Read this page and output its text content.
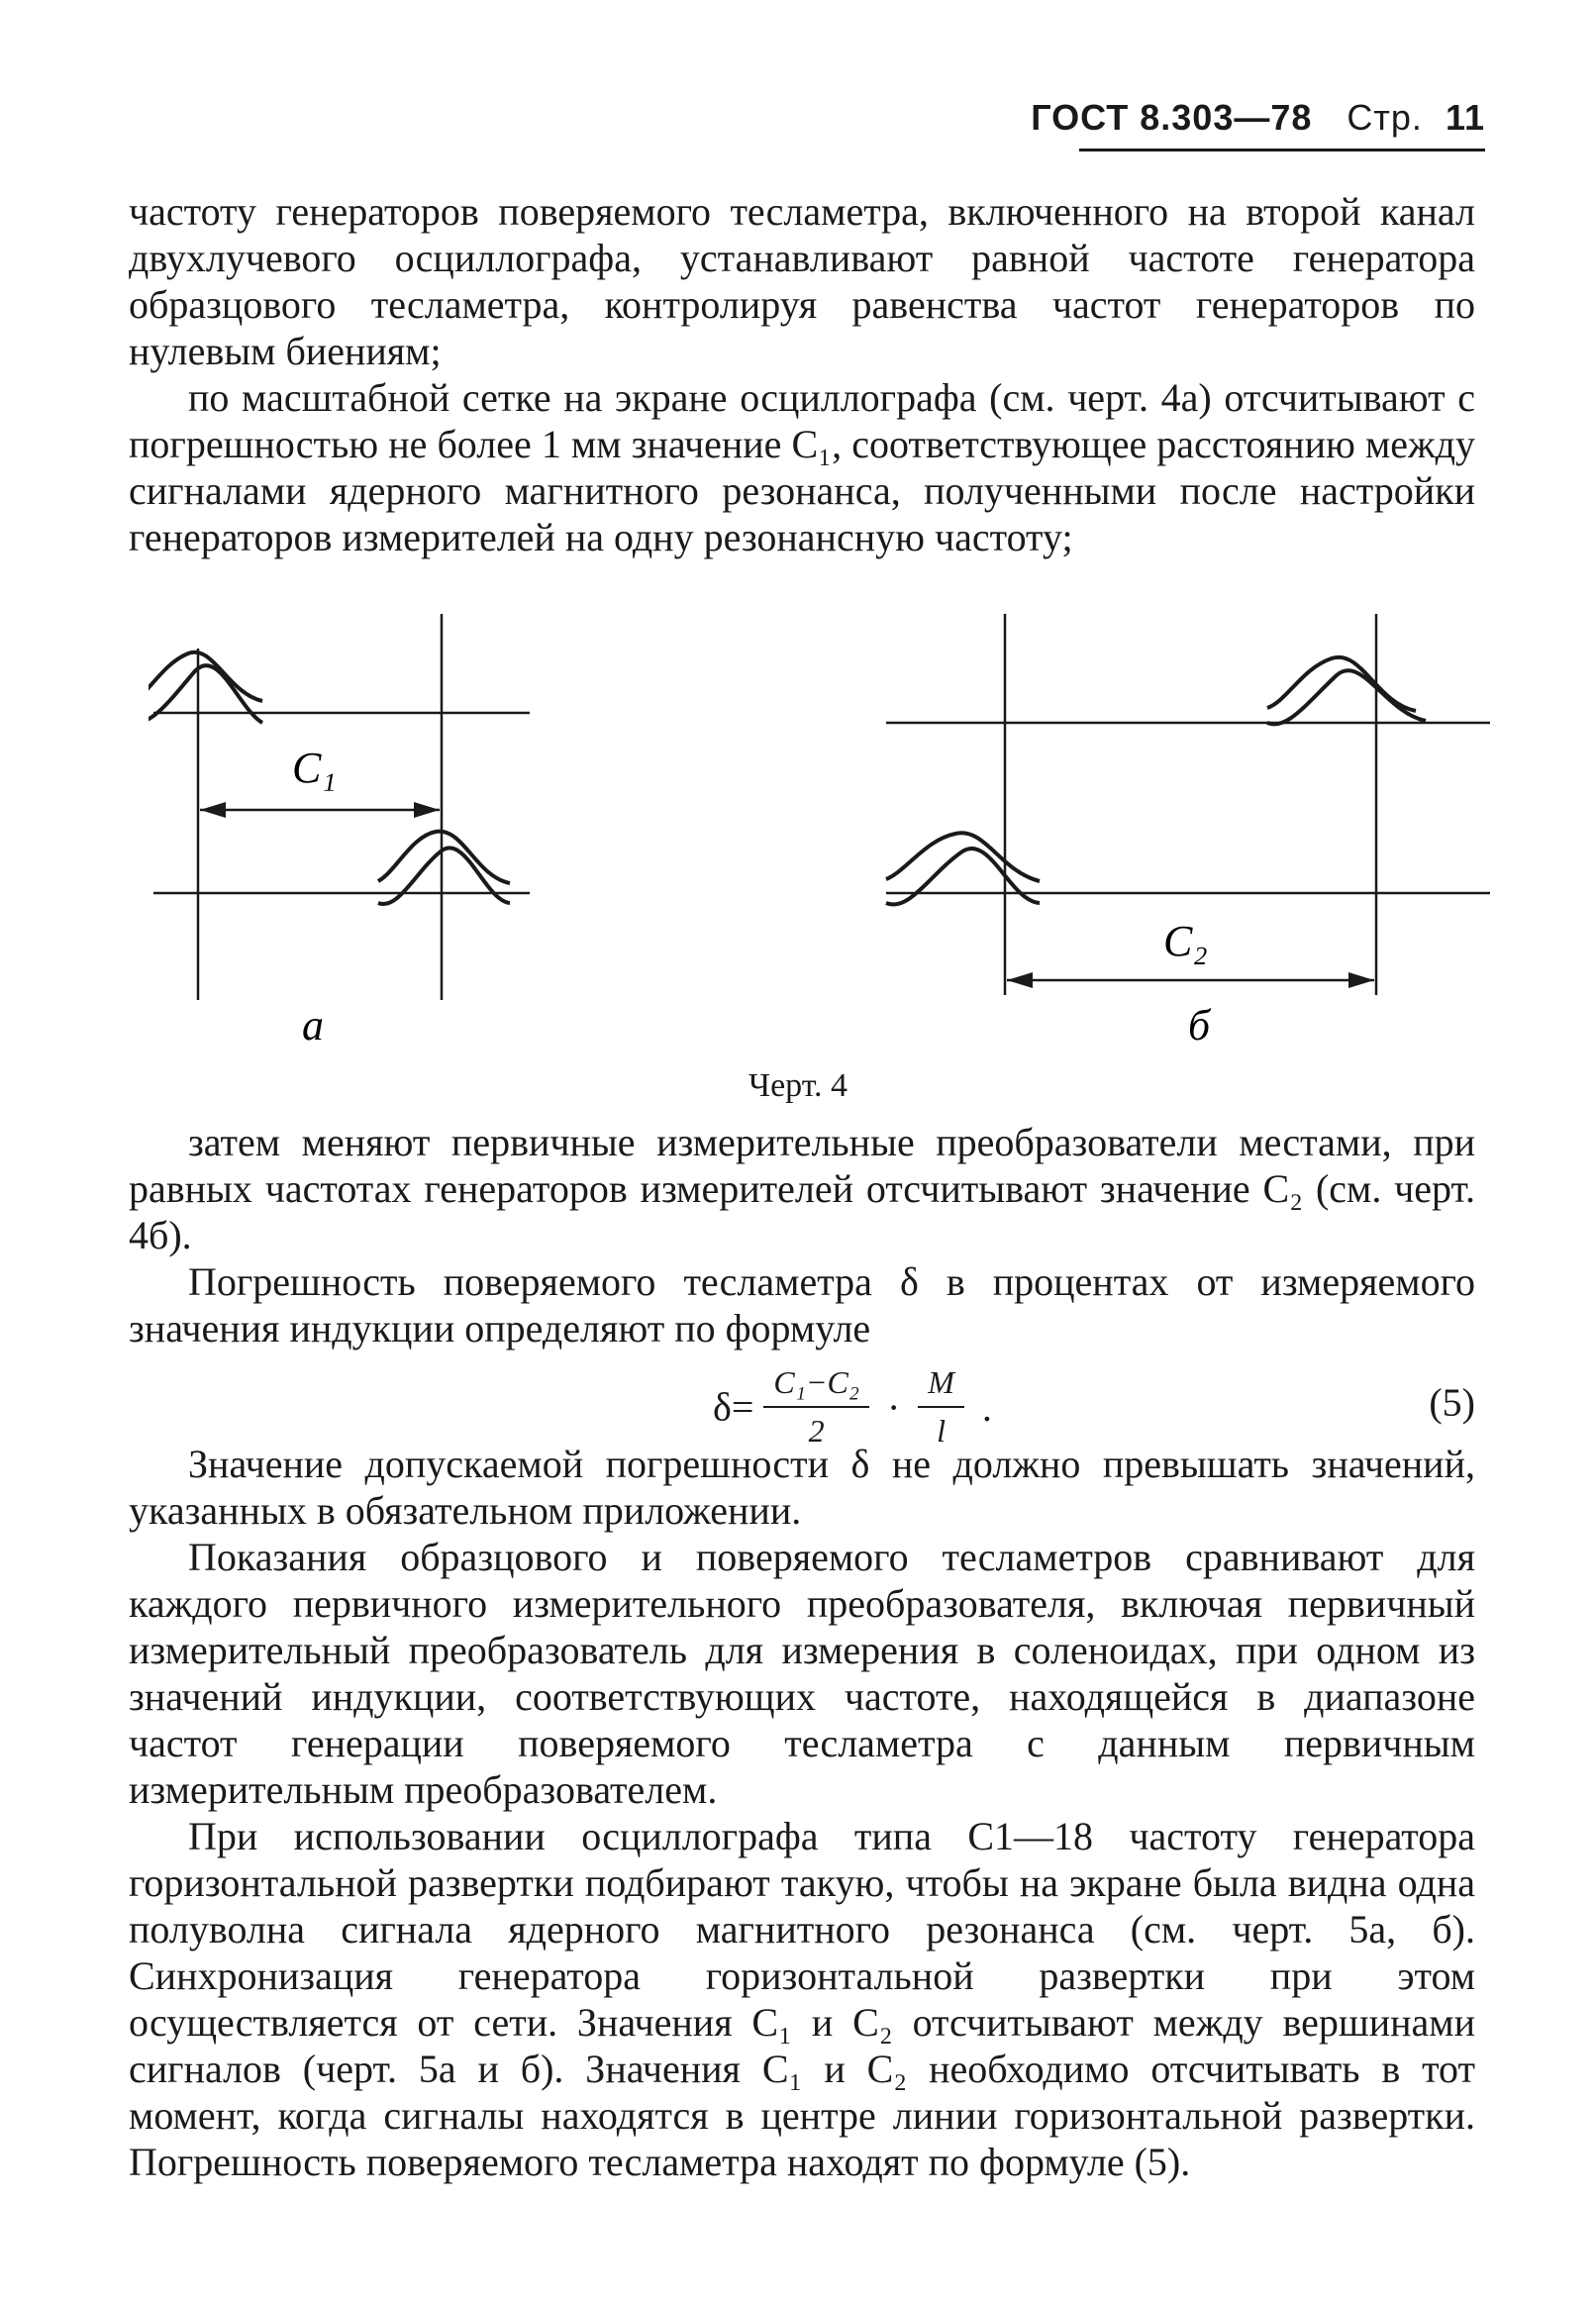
ГОСТ 8.303—78 Стр. 11

частоту генераторов поверяемого тесламетра, включенного на второй канал двухлучевого осциллографа, устанавливают равной частоте генератора образцового тесламетра, контролируя равенства частот генераторов по нулевым биениям;

по масштабной сетке на экране осциллографа (см. черт. 4а) отсчитывают с погрешностью не более 1 мм значение C₁, соответствующее расстоянию между сигналами ядерного магнитного резонанса, полученными после настройки генераторов измерителей на одну резонансную частоту;

C₁
а
C₂
б
Черт. 4

затем меняют первичные измерительные преобразователи местами, при равных частотах генераторов измерителей отсчитывают значение C₂ (см. черт. 4б).

Погрешность поверяемого тесламетра δ в процентах от измеряемого значения индукции определяют по формуле

$\delta= \frac{\text{C₁−C₂}}{2} \cdot \frac{M}{l}$ .	(5)

Значение допускаемой погрешности δ не должно превышать значений, указанных в обязательном приложении.

Показания образцового и поверяемого тесламетров сравнивают для каждого первичного измерительного преобразователя, включая первичный измерительный преобразователь для измерения в соленоидах, при одном из значений индукции, соответствующих частоте, находящейся в диапазоне частот генерации поверяемого тесламетра с данным первичным измерительным преобразователем.

При использовании осциллографа типа С1—18 частоту генератора горизонтальной развертки подбирают такую, чтобы на экране была видна одна полуволна сигнала ядерного магнитного резонанса (см. черт. 5а, б). Синхронизация генератора горизонтальной развертки при этом осуществляется от сети. Значения C₁ и C₂ отсчитывают между вершинами сигналов (черт. 5а и б). Значения C₁ и C₂ необходимо отсчитывать в тот момент, когда сигналы находятся в центре линии горизонтальной развертки. Погрешность поверяемого тесламетра находят по формуле (5).
